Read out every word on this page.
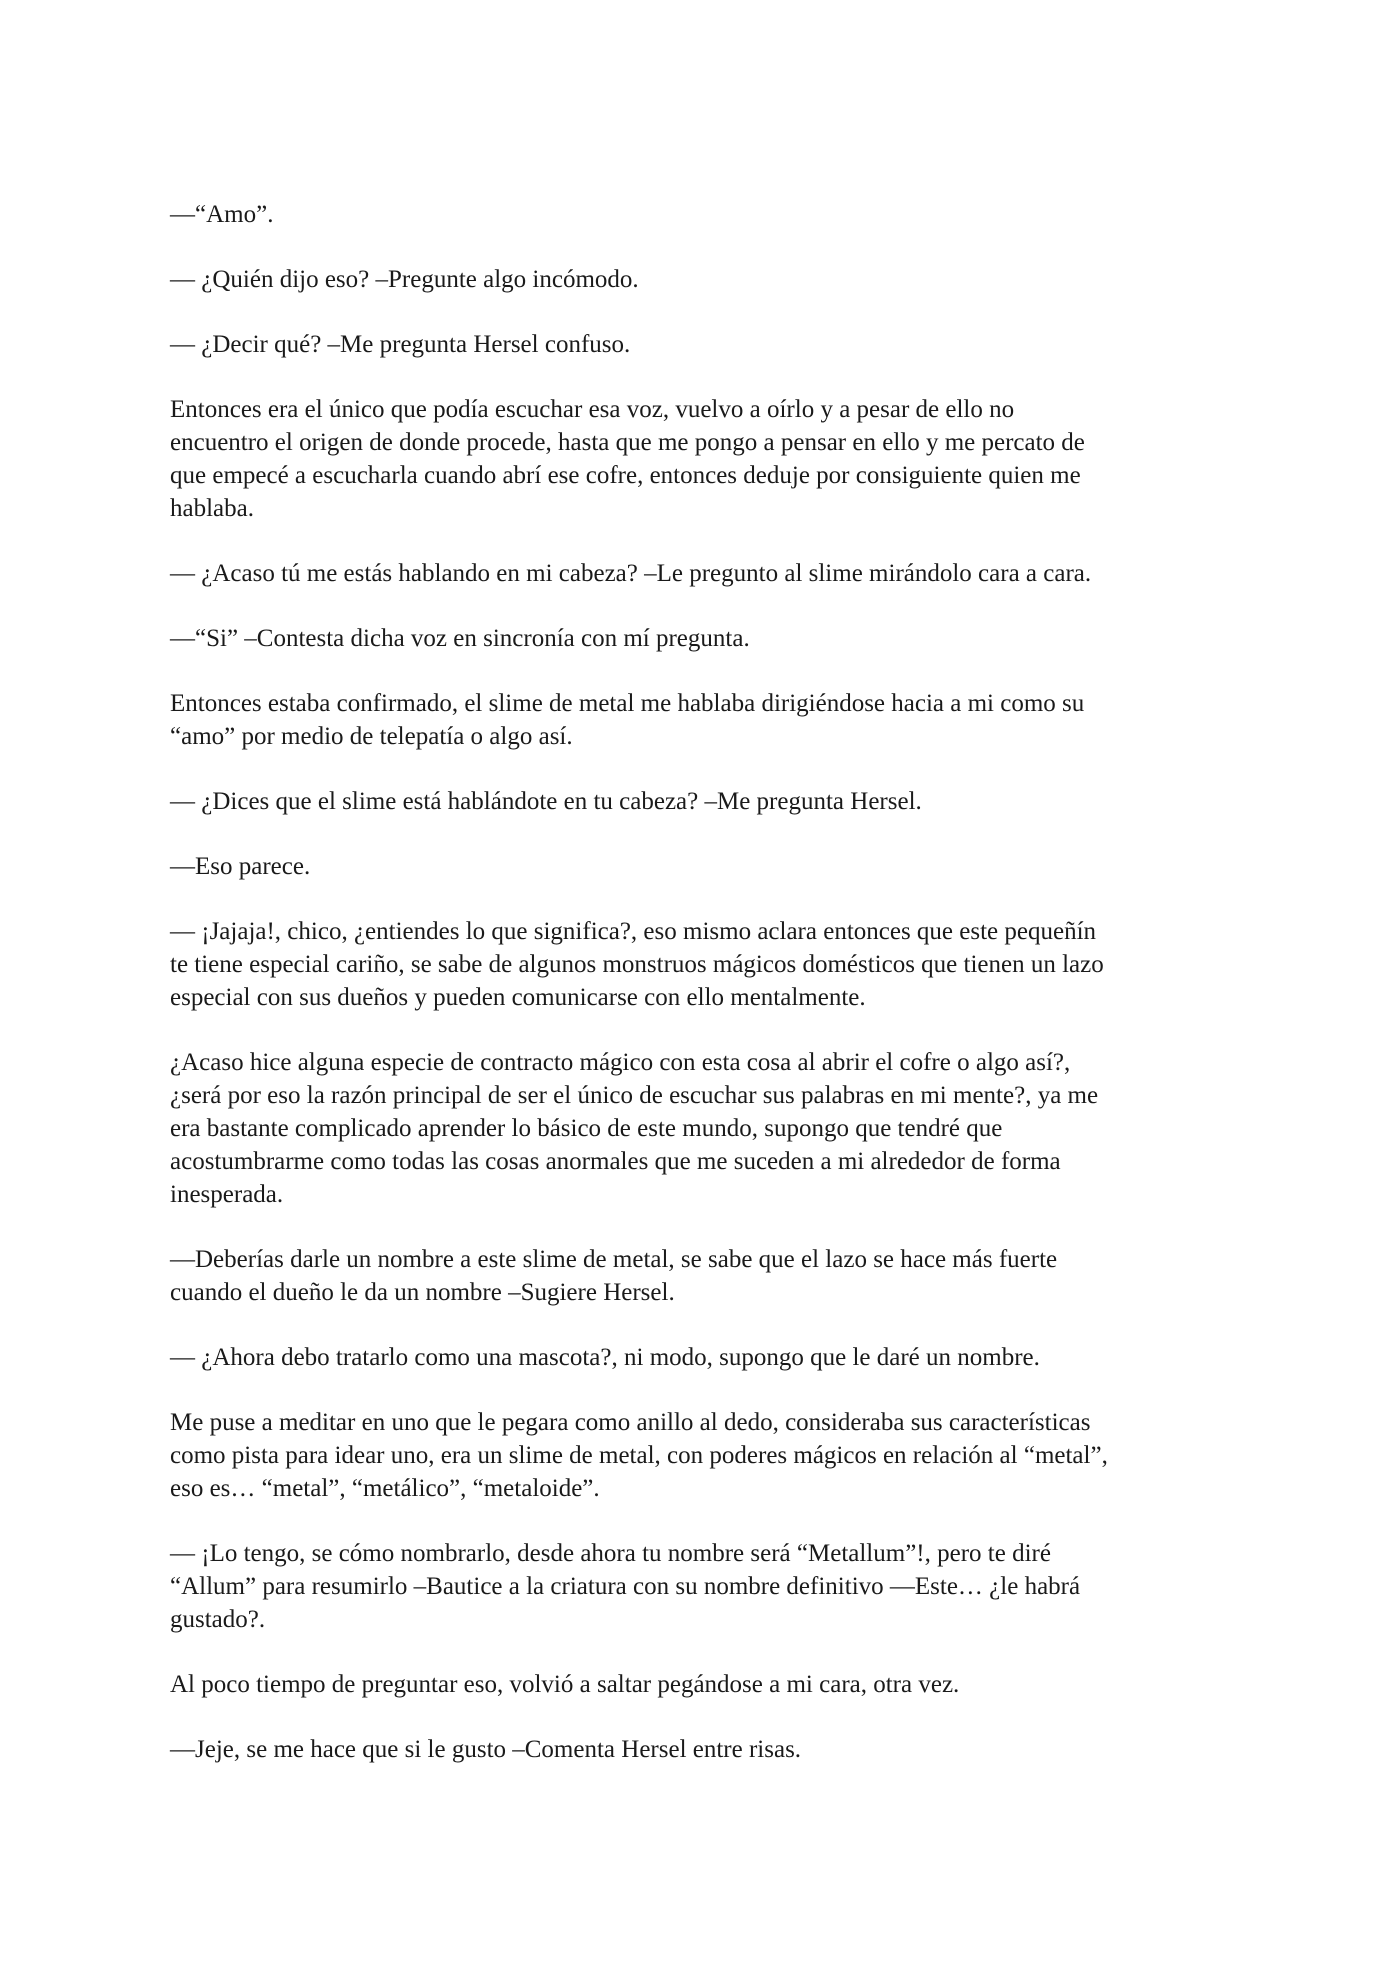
—“Amo”.

— ¿Quién dijo eso? –Pregunte algo incómodo.

— ¿Decir qué? –Me pregunta Hersel confuso.

Entonces era el único que podía escuchar esa voz, vuelvo a oírlo y a pesar de ello no
encuentro el origen de donde procede, hasta que me pongo a pensar en ello y me percato de
que empecé a escucharla cuando abrí ese cofre, entonces deduje por consiguiente quien me
hablaba.

— ¿Acaso tú me estás hablando en mi cabeza? –Le pregunto al slime mirándolo cara a cara.

—“Si” –Contesta dicha voz en sincronía con mí pregunta.

Entonces estaba confirmado, el slime de metal me hablaba dirigiéndose hacia a mi como su
“amo” por medio de telepatía o algo así.

— ¿Dices que el slime está hablándote en tu cabeza? –Me pregunta Hersel.

—Eso parece.

— ¡Jajaja!, chico, ¿entiendes lo que significa?, eso mismo aclara entonces que este pequeñín
te tiene especial cariño, se sabe de algunos monstruos mágicos domésticos que tienen un lazo
especial con sus dueños y pueden comunicarse con ello mentalmente.

¿Acaso hice alguna especie de contracto mágico con esta cosa al abrir el cofre o algo así?,
¿será por eso la razón principal de ser el único de escuchar sus palabras en mi mente?, ya me
era bastante complicado aprender lo básico de este mundo, supongo que tendré que
acostumbrarme como todas las cosas anormales que me suceden a mi alrededor de forma
inesperada.

—Deberías darle un nombre a este slime de metal, se sabe que el lazo se hace más fuerte
cuando el dueño le da un nombre –Sugiere Hersel.

— ¿Ahora debo tratarlo como una mascota?, ni modo, supongo que le daré un nombre.

Me puse a meditar en uno que le pegara como anillo al dedo, consideraba sus características
como pista para idear uno, era un slime de metal, con poderes mágicos en relación al “metal”,
eso es… “metal”, “metálico”, “metaloide”.

— ¡Lo tengo, se cómo nombrarlo, desde ahora tu nombre será “Metallum”!, pero te diré
“Allum” para resumirlo –Bautice a la criatura con su nombre definitivo —Este… ¿le habrá
gustado?.

Al poco tiempo de preguntar eso, volvió a saltar pegándose a mi cara, otra vez.

—Jeje, se me hace que si le gusto –Comenta Hersel entre risas.
